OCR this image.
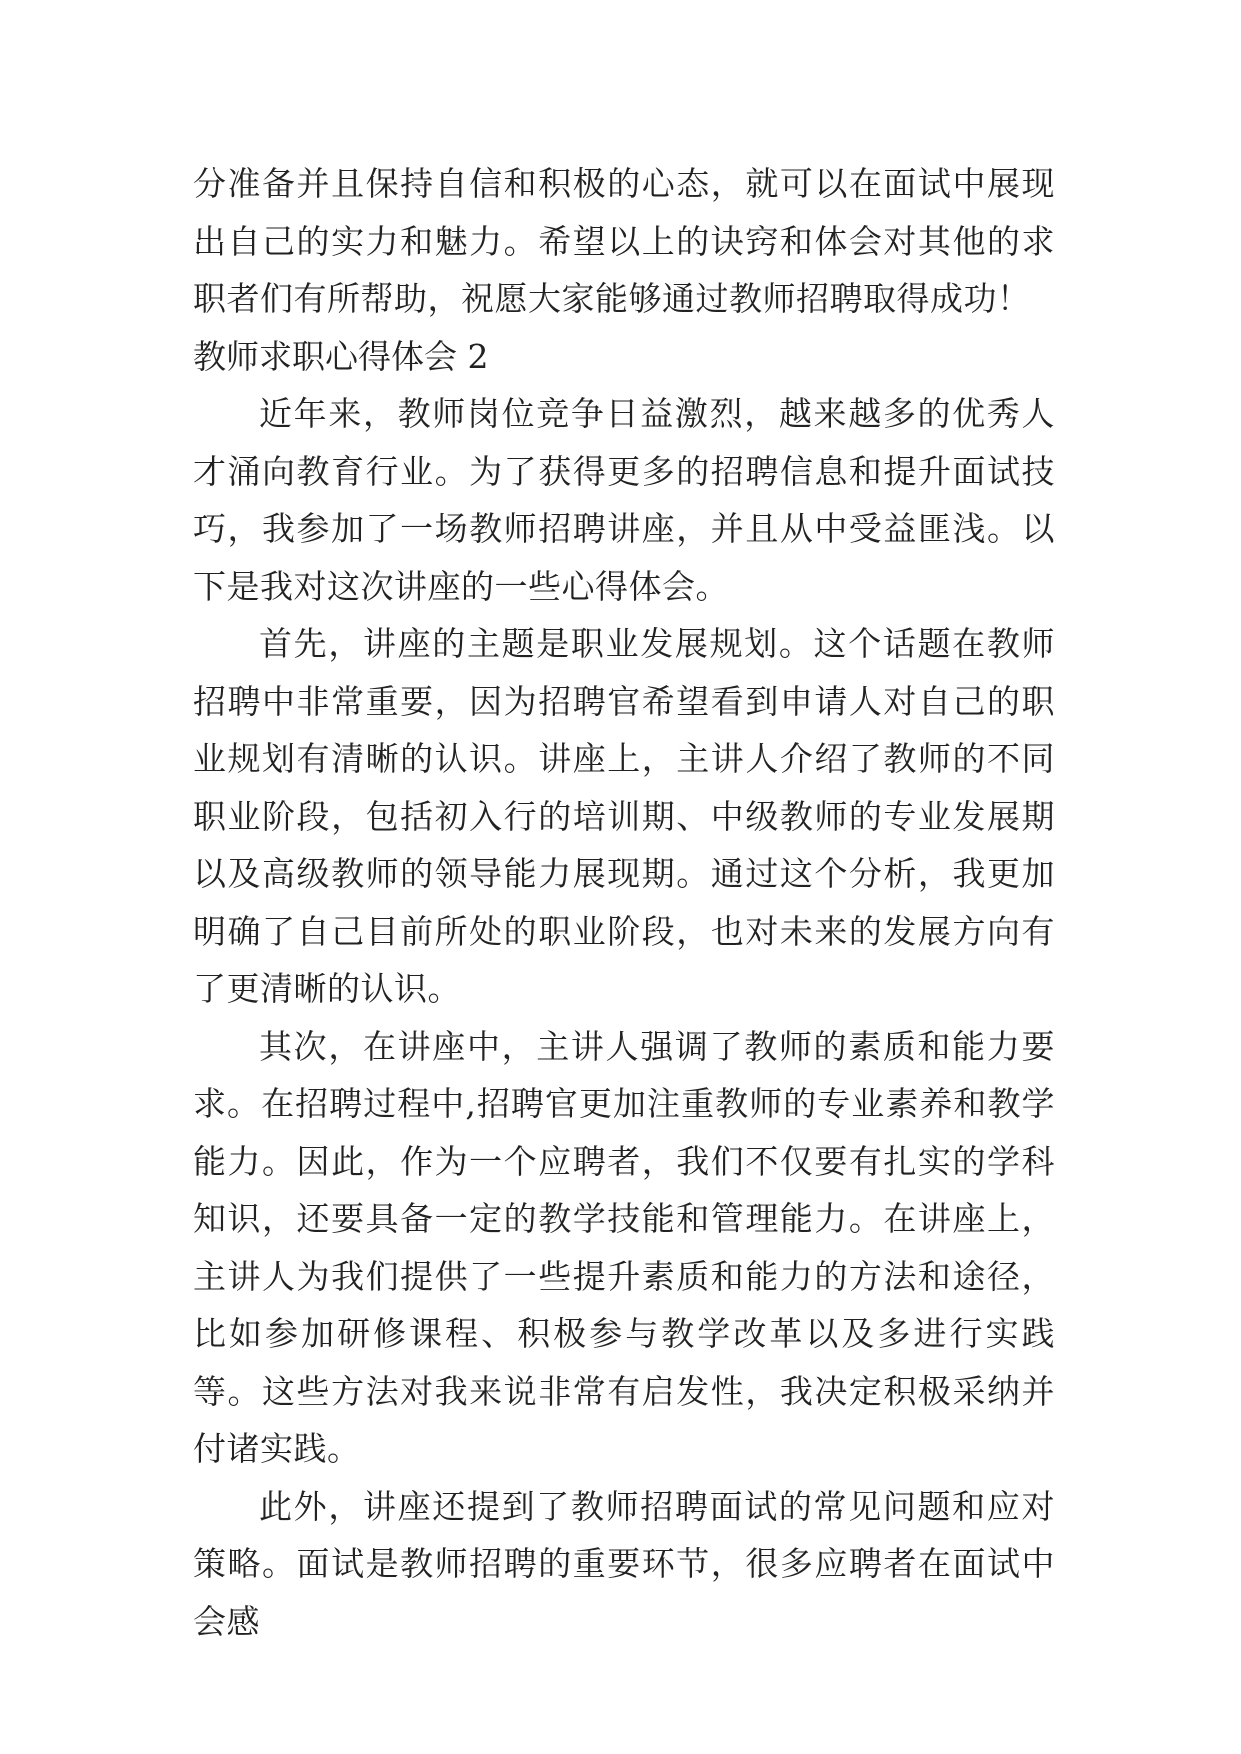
分准备并且保持自信和积极的心态，就可以在面试中展现出自己的实力和魅力。希望以上的诀窍和体会对其他的求职者们有所帮助，祝愿大家能够通过教师招聘取得成功！

教师求职心得体会 2

近年来，教师岗位竞争日益激烈，越来越多的优秀人才涌向教育行业。为了获得更多的招聘信息和提升面试技巧，我参加了一场教师招聘讲座，并且从中受益匪浅。以下是我对这次讲座的一些心得体会。

首先，讲座的主题是职业发展规划。这个话题在教师招聘中非常重要，因为招聘官希望看到申请人对自己的职业规划有清晰的认识。讲座上，主讲人介绍了教师的不同职业阶段，包括初入行的培训期、中级教师的专业发展期以及高级教师的领导能力展现期。通过这个分析，我更加明确了自己目前所处的职业阶段，也对未来的发展方向有了更清晰的认识。

其次，在讲座中，主讲人强调了教师的素质和能力要求。在招聘过程中,招聘官更加注重教师的专业素养和教学能力。因此，作为一个应聘者，我们不仅要有扎实的学科知识，还要具备一定的教学技能和管理能力。在讲座上，主讲人为我们提供了一些提升素质和能力的方法和途径，比如参加研修课程、积极参与教学改革以及多进行实践等。这些方法对我来说非常有启发性，我决定积极采纳并付诸实践。

此外，讲座还提到了教师招聘面试的常见问题和应对策略。面试是教师招聘的重要环节，很多应聘者在面试中会感
